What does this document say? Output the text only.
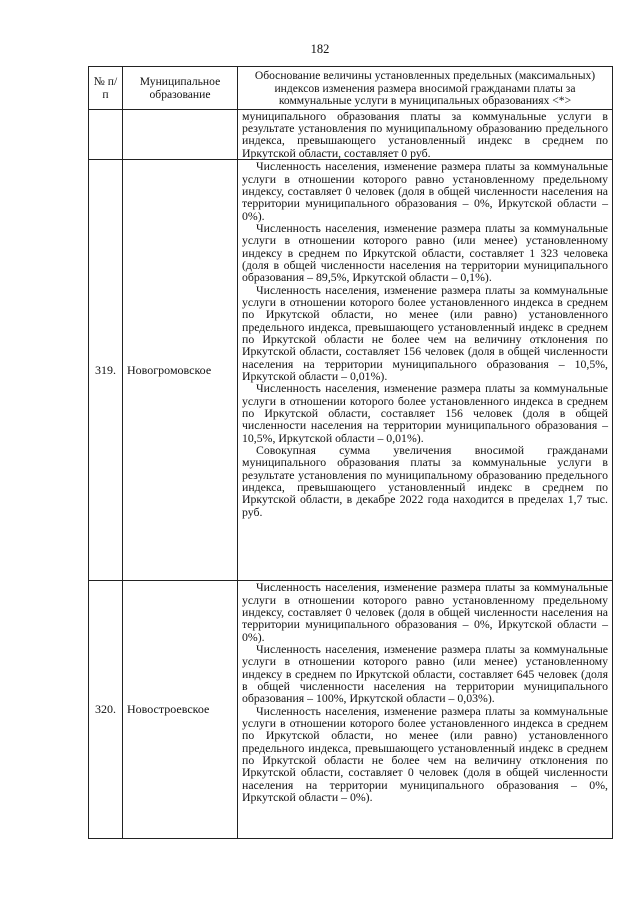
182
№ п/п	Муниципальное образование	Обоснование величины установленных предельных (максимальных) индексов изменения размера вносимой гражданами платы за коммунальные услуги в муниципальных образованиях <*>

		муниципального образования платы за коммунальные услуги в результате установления по муниципальному образованию предельного индекса, превышающего установленный индекс в среднем по Иркутской области, составляет 0 руб.

319.	Новогромовское	Численность населения, изменение размера платы за коммунальные услуги в отношении которого равно установленному предельному индексу, составляет 0 человек (доля в общей численности населения на территории муниципального образования – 0%, Иркутской области – 0%).

Численность населения, изменение размера платы за коммунальные услуги в отношении которого равно (или менее) установленному индексу в среднем по Иркутской области, составляет 1 323 человека (доля в общей численности населения на территории муниципального образования – 89,5%, Иркутской области – 0,1%).

Численность населения, изменение размера платы за коммунальные услуги в отношении которого более установленного индекса в среднем по Иркутской области, но менее (или равно) установленного предельного индекса, превышающего установленный индекс в среднем по Иркутской области не более чем на величину отклонения по Иркутской области, составляет 156 человек (доля в общей численности населения на территории муниципального образования – 10,5%, Иркутской области – 0,01%).

Численность населения, изменение размера платы за коммунальные услуги в отношении которого более установленного индекса в среднем по Иркутской области, составляет 156 человек (доля в общей численности населения на территории муниципального образования – 10,5%, Иркутской области – 0,01%).

Совокупная сумма увеличения вносимой гражданами муниципального образования платы за коммунальные услуги в результате установления по муниципальному образованию предельного индекса, превышающего установленный индекс в среднем по Иркутской области, в декабре 2022 года находится в пределах 1,7 тыс. руб.

320.	Новостроевское	Численность населения, изменение размера платы за коммунальные услуги в отношении которого равно установленному предельному индексу, составляет 0 человек (доля в общей численности населения на территории муниципального образования – 0%, Иркутской области – 0%).

Численность населения, изменение размера платы за коммунальные услуги в отношении которого равно (или менее) установленному индексу в среднем по Иркутской области, составляет 645 человек (доля в общей численности населения на территории муниципального образования – 100%, Иркутской области – 0,03%).

Численность населения, изменение размера платы за коммунальные услуги в отношении которого более установленного индекса в среднем по Иркутской области, но менее (или равно) установленного предельного индекса, превышающего установленный индекс в среднем по Иркутской области не более чем на величину отклонения по Иркутской области, составляет 0 человек (доля в общей численности населения на территории муниципального образования – 0%, Иркутской области – 0%).
